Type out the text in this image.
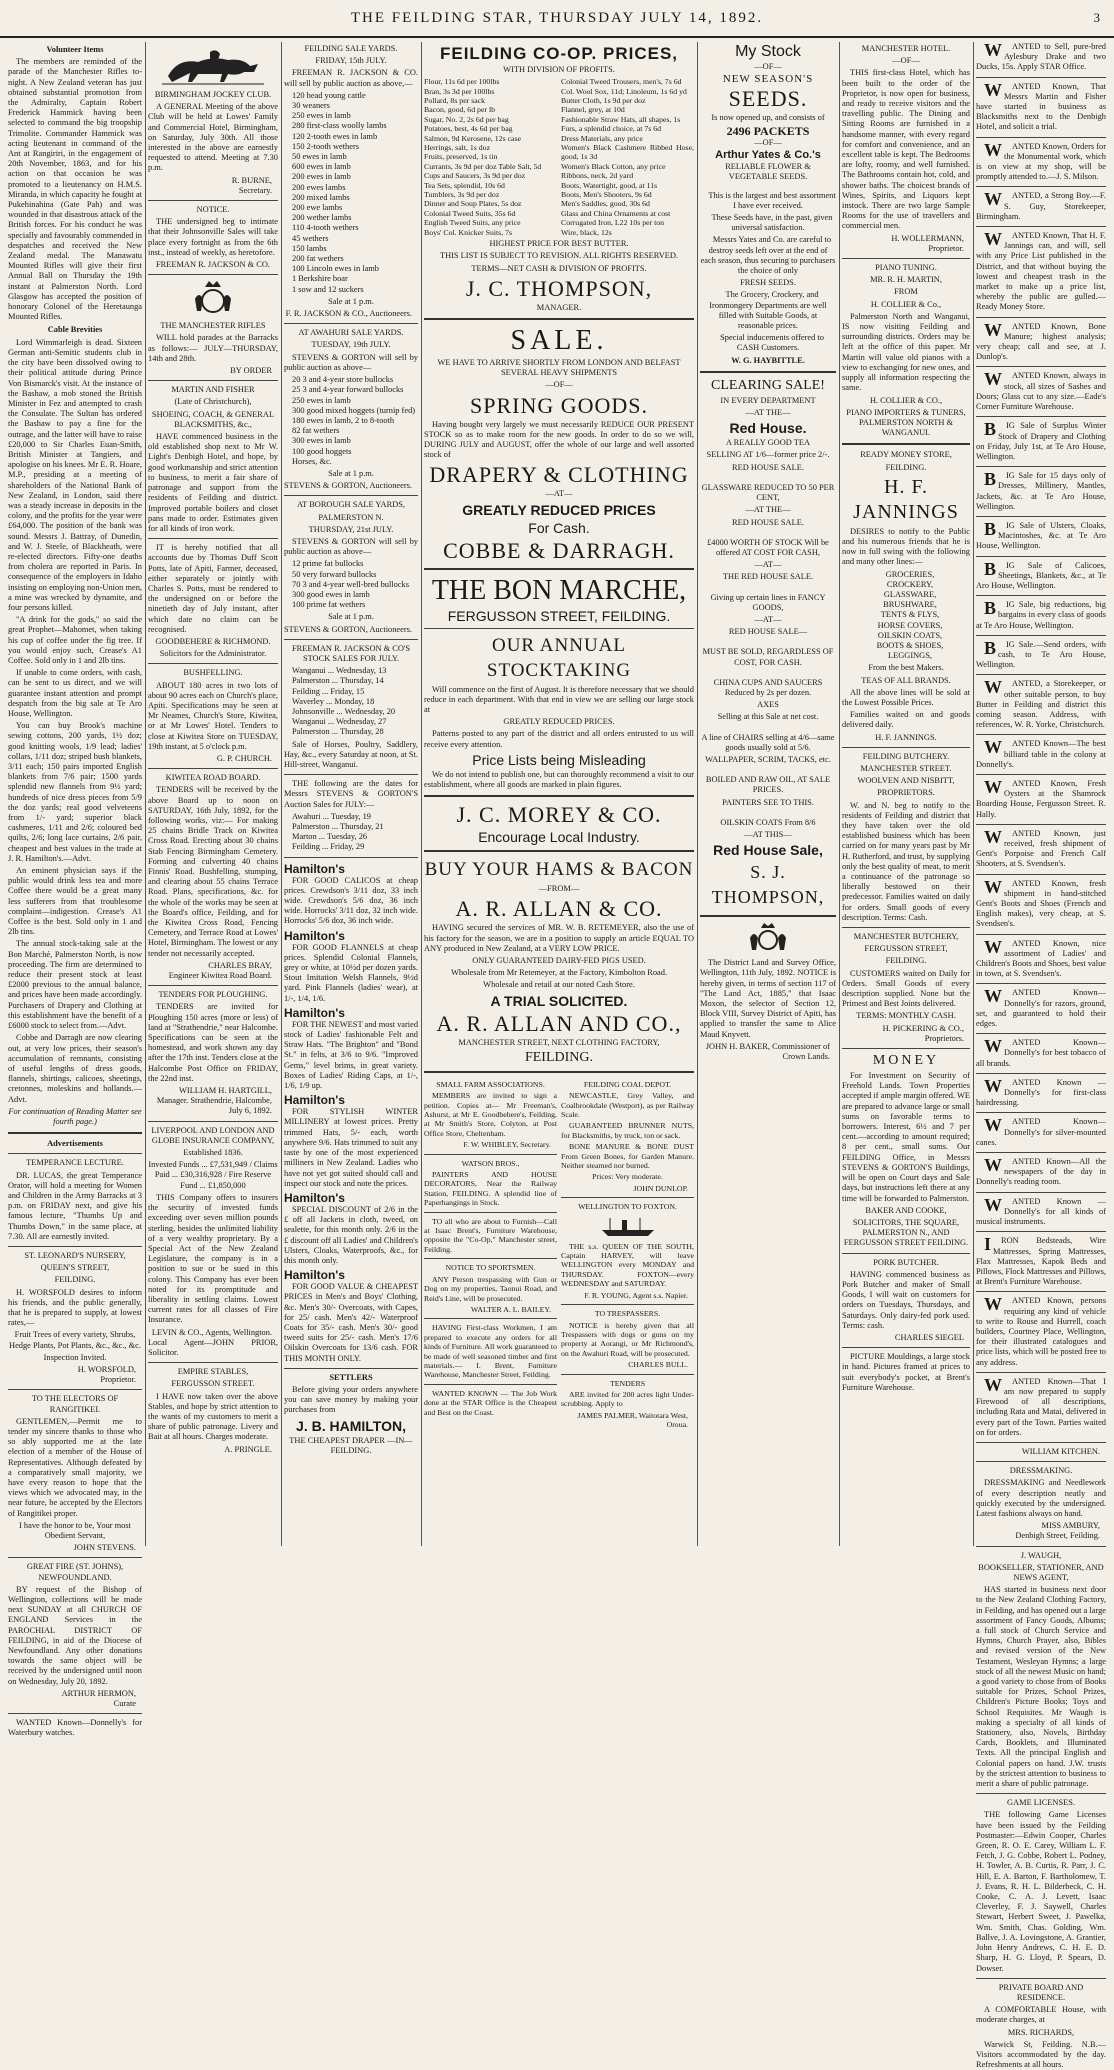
THE FEILDING STAR, THURSDAY JULY 14, 1892.	3
Volunteer Items

The members are reminded of the parade of the Manchester Rifles to-night. A New Zealand veteran has just obtained substantial promotion from the Admiralty, Captain Robert Frederick Hammick having been selected to command the big troopship Trimolite. Commander Hammick was acting lieutenant in command of the Ant at Rangiriri, in the engagement of 20th November, 1863, and for his action on that occasion he was promoted to a lieutenancy on H.M.S. Miranda, in which capacity he fought at Pukehinahina (Gate Pah) and was wounded in that disastrous attack of the British forces. For his conduct he was specially and favourably commended in despatches and received the New Zealand medal. The Manawatu Mounted Rifles will give their first Annual Ball on Thursday the 19th instant at Palmerston North. Lord Glasgow has accepted the position of honorary Colonel of the Heretaunga Mounted Rifles.

Cable Brevities

Lord Wimmarleigh is dead. Sixteen German anti-Semitic students club in the city have been dissolved owing to their political attitude during Prince Von Bismarck's visit. At the instance of the Bashaw, a mob stoned the British Minister in Fez and attempted to crash the Consulate. The Sultan has ordered the Bashaw to pay a fine for the outrage, and the latter will have to raise £20,000 to Sir Charles Euan-Smith, British Minister at Tangiers, and apologise on his knees. Mr E. R. Hoare, M.P., presiding at a meeting of shareholders of the National Bank of New Zealand, in London, said there was a steady increase in deposits in the colony, and the profits for the year were £64,000. The position of the bank was sound. Messrs J. Battray, of Dunedin, and W. J. Steele, of Blackheath, were re-elected directors. Fifty-one deaths from cholera are reported in Paris. In consequence of the employers in Idaho insisting on employing non-Union men, a mine was wrecked by dynamite, and four persons killed.

"A drink for the gods," so said the great Prophet—Mahomet, when taking his cup of coffee under the fig tree. If you would enjoy such, Crease's A1 Coffee. Sold only in 1 and 2lb tins.

If unable to come orders, with cash, can be sent to us direct, and we will guarantee instant attention and prompt despatch from the big sale at Te Aro House, Wellington.

You can buy Brook's machine sewing cottons, 200 yards, 1½ doz; good knitting wools, 1/9 lead; ladies' collars, 1/11 doz; striped bush blankets, 3/11 each; 150 pairs imported English blankets from 7/6 pair; 1500 yards splendid new flannels from 9½ yard; hundreds of nice dress pieces from 5/9 the doz yards; real good velveteens from 1/- yard; superior black cashmeres, 1/11 and 2/6; coloured bed quilts, 2/6; long lace curtains, 2/6 pair, cheapest and best values in the trade at J. R. Hamilton's.—Advt.

An eminent physician says if the public would drink less tea and more Coffee there would be a great many less sufferers from that troublesome complaint—indigestion. Crease's A1 Coffee is the best. Sold only in 1 and 2lb tins.

The annual stock-taking sale at the Bon Marché, Palmerston North, is now proceeding. The firm are determined to reduce their present stock at least £2000 previous to the annual balance, and prices have been made accordingly. Purchasers of Drapery and Clothing at this establishment have the benefit of a £6000 stock to select from.—Advt.

Cobbe and Darragh are now clearing out, at very low prices, their season's accumulation of remnants, consisting of useful lengths of dress goods, flannels, shirtings, calicoes, sheetings, cretonnes, moleskins and hollands.—Advt.

For continuation of Reading Matter see fourth page.)
Advertisements
TEMPERANCE LECTURE.

DR. LUCAS, the great Temperance Orator, will hold a meeting for Women and Children in the Army Barracks at 3 p.m. on FRIDAY next, and give his famous lecture, "Thumbs Up and Thumbs Down," in the same place, at 7.30. All are earnestly invited.

ST. LEONARD'S NURSERY,
QUEEN'S STREET,
FEILDING.

H. WORSFOLD desires to inform his friends, and the public generally, that he is prepared to supply, at lowest rates,—

Fruit Trees of every variety, Shrubs, Hedge Plants, Pot Plants, &c., &c., &c.
Inspection Invited.
H. WORSFOLD,
Proprietor.
TO THE ELECTORS OF RANGITIKEI.

GENTLEMEN,—Permit me to tender my sincere thanks to those who so ably supported me at the late election of a member of the House of Representatives. Although defeated by a comparatively small majority, we have every reason to hope that the views which we advocated may, in the near future, be accepted by the Electors of Rangitikei proper.

I have the honor to be, Your most Obedient Servant,
JOHN STEVENS.
GREAT FIRE (ST. JOHNS), NEWFOUNDLAND.

BY request of the Bishop of Wellington, collections will be made next SUNDAY at all CHURCH OF ENGLAND Services in the PAROCHIAL DISTRICT OF FEILDING, in aid of the Diocese of Newfoundland. Any other donations towards the same object will be received by the undersigned until noon on Wednesday, July 20, 1892.

ARTHUR HERMON,
Curate

WANTED Known—Donnelly's for Waterbury watches.

BIRMINGHAM JOCKEY CLUB.

A GENERAL Meeting of the above Club will be held at Lowes' Family and Commercial Hotel, Birmingham, on Saturday, July 30th. All those interested in the above are earnestly requested to attend. Meeting at 7.30 p.m.

R. BURNE,
Secretary.
NOTICE.

THE undersigned beg to intimate that their Johnsonville Sales will take place every fortnight as from the 6th inst., instead of weekly, as heretofore.

FREEMAN R. JACKSON & CO.
THE MANCHESTER RIFLES

WILL hold parades at the Barracks as follows:— JULY—THURSDAY, 14th and 28th.

BY ORDER
MARTIN AND FISHER
(Late of Christchurch),
SHOEING, COACH, & GENERAL BLACKSMITHS, &c.,

HAVE commenced business in the old established shop next to Mr W. Light's Denbigh Hotel, and hope, by good workmanship and strict attention to business, to merit a fair share of patronage and support from the residents of Feilding and district. Improved portable boilers and closet pans made to order. Estimates given for all kinds of iron work.

IT is hereby notified that all accounts due by Thomas Duff Scott Potts, late of Apiti, Farmer, deceased, either separately or jointly with Charles S. Potts, must be rendered to the undersigned on or before the ninetieth day of July instant, after which date no claim can be recognised.

GOODBEHERE & RICHMOND.
Solicitors for the Administrator.
BUSHFELLING.

ABOUT 180 acres in two lots of about 90 acres each on Church's place, Apiti. Specifications may be seen at Mr Neames, Church's Store, Kiwitea, or at Mr Lowes' Hotel. Tenders to close at Kiwitea Store on TUESDAY, 19th instant, at 5 o'clock p.m.

G. P. CHURCH.
KIWITEA ROAD BOARD.

TENDERS will be received by the above Board up to noon on SATURDAY, 16th July, 1892, for the following works, viz:— For making 25 chains Bridle Track on Kiwitea Cross Road. Erecting about 30 chains Stab Fencing Birmingham Cemetery. Forming and culverting 40 chains Finnis' Road. Bushfelling, stumping, and clearing about 55 chains Terrace Road. Plans, specifications, &c. for the whole of the works may be seen at the Board's office, Feilding, and for the Kiwitea Cross Road, Fencing Cemetery, and Terrace Road at Lowes' Hotel, Birmingham. The lowest or any tender not necessarily accepted.

CHARLES BRAY,
Engineer Kiwitea Road Board.
TENDERS FOR PLOUGHING.

TENDERS are invited for Ploughing 150 acres (more or less) of land at "Strathendrie," near Halcombe. Specifications can be seen at the homestead, and work shown any day after the 17th inst. Tenders close at the Halcombe Post Office on FRIDAY, the 22nd inst.

WILLIAM H. HARTGILL,
Manager. Strathendrie, Halcombe, July 6, 1892.
LIVERPOOL AND LONDON AND GLOBE INSURANCE COMPANY,
Established 1836.
Invested Funds ... £7,531,949 / Claims Paid ... £30,316,928 / Fire Reserve Fund ... £1,850,000

THIS Company offers to insurers the security of invested funds exceeding over seven million pounds sterling, besides the unlimited liability of a very wealthy proprietary. By a Special Act of the New Zealand Legislature, the company is in a position to sue or be sued in this colony. This Company has ever been noted for its promptitude and liberality in settling claims. Lowest current rates for all classes of Fire Insurance.

LEVIN & CO., Agents, Wellington.
Local Agent—JOHN PRIOR, Solicitor.
EMPIRE STABLES,
FERGUSSON STREET.

I HAVE now taken over the above Stables, and hope by strict attention to the wants of my customers to merit a share of public patronage. Livery and Bait at all hours. Charges moderate.

A. PRINGLE.
FEILDING SALE YARDS.
FRIDAY, 15th JULY.

FREEMAN R. JACKSON & CO. will sell by public auction as above,—

120 head young cattle
30 weaners
250 ewes in lamb
280 first-class woolly lambs
120 2-tooth ewes in lamb
150 2-tooth wethers
50 ewes in lamb
600 ewes in lamb
200 ewes in lamb
200 ewes lambs
200 mixed lambs
200 ewe lambs
200 wether lambs
110 4-tooth wethers
45 wethers
150 lambs
200 fat wethers
100 Lincoln ewes in lamb
1 Berkshire boar
1 sow and 12 suckers
Sale at 1 p.m.
F. R. JACKSON & CO., Auctioneers.
AT AWAHURI SALE YARDS.
TUESDAY, 19th JULY.

STEVENS & GORTON will sell by public auction as above—

20 3 and 4-year store bullocks
25 3 and 4-year forward bullocks
250 ewes in lamb
300 good mixed hoggets (turnip fed)
180 ewes in lamb, 2 to 8-tooth
82 fat wethers
300 ewes in lamb
100 good hoggets
Horses, &c.
Sale at 1 p.m.
STEVENS & GORTON, Auctioneers.
AT BOROUGH SALE YARDS,
PALMERSTON N.
THURSDAY, 21st JULY.

STEVENS & GORTON will sell by public auction as above—

12 prime fat bullocks
50 very forward bullocks
70 3 and 4-year well-bred bullocks
300 good ewes in lamb
100 prime fat wethers
Sale at 1 p.m.
STEVENS & GORTON, Auctioneers.
FREEMAN R. JACKSON & CO'S STOCK SALES FOR JULY.
Wanganui ... Wednesday, 13
Palmerston ... Thursday, 14
Feilding ... Friday, 15
Waverley ... Monday, 18
Johnsonville ... Wednesday, 20
Wanganui ... Wednesday, 27
Palmerston ... Thursday, 28

Sale of Horses, Poultry, Saddlery, Hay, &c., every Saturday at noon, at St. Hill-street, Wanganui.

THE following are the dates for Messrs STEVENS & GORTON'S Auction Sales for JULY:—

Awahuri ... Tuesday, 19
Palmerston ... Thursday, 21
Marton ... Tuesday, 26
Feilding ... Friday, 29
Hamilton's

FOR GOOD CALICOS at cheap prices. Crewdson's 3/11 doz, 33 inch wide. Crewdson's 5/6 doz, 36 inch wide. Horrocks' 3/11 doz, 32 inch wide. Horrocks' 5/6 doz, 36 inch wide.

Hamilton's

FOR GOOD FLANNELS at cheap prices. Splendid Colonial Flannels, grey or white, at 10½d per dozen yards. Stout Imitation Welsh Flannels, 9½d yard. Pink Flannels (ladies' wear), at 1/-, 1/4, 1/6.

Hamilton's

FOR THE NEWEST and most varied stock of Ladies' fashionable Felt and Straw Hats. "The Brighton" and "Bond St." in felts, at 3/6 to 9/6. "Improved Gems," level brims, in great variety. Boxes of Ladies' Riding Caps, at 1/-, 1/6, 1/9 up.

Hamilton's

FOR STYLISH WINTER MILLINERY at lowest prices. Pretty trimmed Hats, 5/- each, worth anywhere 9/6. Hats trimmed to suit any taste by one of the most experienced milliners in New Zealand. Ladies who have not yet got suited should call and inspect our stock and note the prices.

Hamilton's

SPECIAL DISCOUNT of 2/6 in the £ off all Jackets in cloth, tweed, on sealette, for this month only. 2/6 in the £ discount off all Ladies' and Children's Ulsters, Cloaks, Waterproofs, &c., for this month only.

Hamilton's

FOR GOOD VALUE & CHEAPEST PRICES in Men's and Boys' Clothing, &c. Men's 30/- Overcoats, with Capes, for 25/ cash. Men's 42/- Waterproof Coats for 35/- cash. Men's 30/- good tweed suits for 25/- cash. Men's 17/6 Oilskin Overcoats for 13/6 cash. FOR THIS MONTH ONLY.

SETTLERS

Before giving your orders anywhere you can save money by making your purchases from

J. B. HAMILTON,
THE CHEAPEST DRAPER —IN— FEILDING.
FEILDING CO-OP. PRICES,
WITH DIVISION OF PROFITS.
Flour, 11s 6d per 100lbs
Bran, 3s 3d per 100lbs
Pollard, 8s per sack
Bacon, good, 6d per lb
Sugar, No. 2, 2s 6d per bag
Potatoes, best, 4s 6d per bag
Salmon, 9d Kerosene, 12s case
Herrings, salt, 1s doz
Fruits, preserved, 1s tin
Currants, 3s 9d per doz Table Salt, 5d
Cups and Saucers, 3s 9d per doz
Tea Sets, splendid, 10s 6d
Tumblers, 3s 9d per doz
Dinner and Soup Plates, 5s doz
Colonial Tweed Suits, 35s 6d
English Tweed Suits, any price
Boys' Col. Knicker Suits, 7s
Colonial Tweed Trousers, men's, 7s 6d
Col. Wool Sox, 11d; Linoleum, 1s 6d yd
Butter Cloth, 1s 9d per doz
Flannel, grey, at 10d
Fashionable Straw Hats, all shapes, 1s
Furs, a splendid choice, at 7s 6d
Dress Materials, any price
Women's Black Cashmere Ribbed Hose, good, 1s 3d
Women's Black Cotton, any price
Ribbons, neck, 2d yard
Boots, Watertight, good, at 11s
Boots, Men's Shooters, 9s 6d
Men's Saddles, good, 30s 6d
Glass and China Ornaments at cost
Corrugated Iron, L22 10s per ton
Wire, black, 12s
HIGHEST PRICE FOR BEST BUTTER.
THIS LIST IS SUBJECT TO REVISION. ALL RIGHTS RESERVED.
TERMS—NET CASH & DIVISION OF PROFITS.
J. C. THOMPSON,
MANAGER.
SALE.
WE HAVE TO ARRIVE SHORTLY FROM LONDON AND BELFAST SEVERAL HEAVY SHIPMENTS
—OF—
SPRING GOODS.

Having bought very largely we must necessarily REDUCE OUR PRESENT STOCK so as to make room for the new goods. In order to do so we will, DURING JULY and AUGUST, offer the whole of our large and well assorted stock of

DRAPERY & CLOTHING
—AT—
GREATLY REDUCED PRICES
For Cash.
COBBE & DARRAGH.
THE BON MARCHE,
FERGUSSON STREET, FEILDING.
OUR ANNUAL STOCKTAKING

Will commence on the first of August. It is therefore necessary that we should reduce in each department. With that end in view we are selling our large stock at

GREATLY REDUCED PRICES.

Patterns posted to any part of the district and all orders entrusted to us will receive every attention.

Price Lists being Misleading

We do not intend to publish one, but can thoroughly recommend a visit to our establishment, where all goods are marked in plain figures.

J. C. MOREY & CO.
Encourage Local Industry.
BUY YOUR HAMS & BACON
—FROM—
A. R. ALLAN & CO.

HAVING secured the services of MR. W. B. RETEMEYER, also the use of his factory for the season, we are in a position to supply an article EQUAL TO ANY produced in New Zealand, at a VERY LOW PRICE.

ONLY GUARANTEED DAIRY-FED PIGS USED.
Wholesale from Mr Retemeyer, at the Factory, Kimbolton Road.
Wholesale and retail at our noted Cash Store.
A TRIAL SOLICITED.
A. R. ALLAN AND CO.,
MANCHESTER STREET, NEXT CLOTHING FACTORY,
FEILDING.
SMALL FARM ASSOCIATIONS.

MEMBERS are invited to sign a petition. Copies at— Mr Freeman's, Ashurst, at Mr E. Goodbehere's, Feilding, at Mr Smith's Store, Colyton, at Post Office Store, Cheltenham.

F. W. WHIBLEY, Secretary.
WATSON BROS.,

PAINTERS AND HOUSE DECORATORS, Near the Railway Station, FEILDING. A splendid line of Paperhangings in Stock.

TO all who are about to Furnish—Call at Isaac Brent's, Furniture Warehouse, opposite the "Co-Op," Manchester street, Feilding.

NOTICE TO SPORTSMEN.

ANY Person trespassing with Gun or Dog on my properties, Taonui Road, and Reid's Line, will be prosecuted.

WALTER A. L. BAILEY.

HAVING First-class Workmen, I am prepared to execute any orders for all kinds of Furniture. All work guaranteed to be made of well seasoned timber and first materials.— I. Brent, Furniture Warehouse, Manchester Street, Feilding.

WANTED KNOWN — The Job Work done at the STAR Office is the Cheapest and Best on the Coast.

FEILDING COAL DEPOT.

NEWCASTLE, Grey Valley, and Coalbrookdale (Westport), as per Railway Scale.

GUARANTEED BRUNNER NUTS, for Blacksmiths, by truck, ton or sack.

BONE MANURE & BONE DUST From Green Bones, for Garden Manure. Neither steamed nor burned.

Prices: Very moderate.
JOHN DUNLOP.
WELLINGTON TO FOXTON.

THE s.s. QUEEN OF THE SOUTH, Captain HARVEY, will leave WELLINGTON every MONDAY and THURSDAY. FOXTON—every WEDNESDAY and SATURDAY.

F. R. YOUNG, Agent s.s. Napier.
TO TRESPASSERS.

NOTICE is hereby given that all Trespassers with dogs or guns on my property at Aorangi, or Mr Richmond's, on the Awahuri Road, will be prosecuted.

CHARLES BULL.
TENDERS

ARE invited for 200 acres light Under-scrubbing. Apply to

JAMES PALMER, Waitotara West, Oroua.
My Stock
—OF—
NEW SEASON'S
SEEDS.
Is now opened up, and consists of
2496 PACKETS
—OF—
Arthur Yates & Co.'s
RELIABLE FLOWER & VEGETABLE SEEDS.

This is the largest and best assortment I have ever received.

These Seeds have, in the past, given universal satisfaction.

Messrs Yates and Co. are careful to destroy seeds left over at the end of each season, thus securing to purchasers the choice of only

FRESH SEEDS.

The Grocery, Crockery, and Ironmongery Departments are well filled with Suitable Goods, at reasonable prices.

Special inducements offered to CASH Customers.

W. G. HAYBITTLE.
CLEARING SALE!
IN EVERY DEPARTMENT
—AT THE—
Red House.
A REALLY GOOD TEA
SELLING AT 1/6—former price 2/-.
RED HOUSE SALE.
GLASSWARE REDUCED TO 50 PER CENT,
—AT THE—
RED HOUSE SALE.
£4000 WORTH OF STOCK Will be offered AT COST FOR CASH,
—AT—
THE RED HOUSE SALE.
Giving up certain lines in FANCY GOODS,
—AT—
RED HOUSE SALE—
MUST BE SOLD, REGARDLESS OF COST, FOR CASH.
CHINA CUPS AND SAUCERS Reduced by 2s per dozen.
AXES
Selling at this Sale at net cost.
A line of CHAIRS selling at 4/6—same goods usually sold at 5/6.
WALLPAPER, SCRIM, TACKS, etc.
BOILED AND RAW OIL, AT SALE PRICES.
PAINTERS SEE TO THIS.
OILSKIN COATS From 8/6
—AT THIS—
Red House Sale,
S. J. THOMPSON,

The District Land and Survey Office, Wellington, 11th July, 1892. NOTICE is hereby given, in terms of section 117 of "The Land Act, 1885," that Isaac Moxon, the selector of Section 12, Block VIII, Survey District of Apiti, has applied to transfer the same to Alice Maud Knyvett.

JOHN H. BAKER, Commissioner of Crown Lands.
MANCHESTER HOTEL.
—OF—

THIS first-class Hotel, which has been built to the order of the Proprietor, is now open for business, and ready to receive visitors and the travelling public. The Dining and Sitting Rooms are furnished in a handsome manner, with every regard for comfort and convenience, and an excellent table is kept. The Bedrooms are lofty, roomy, and well furnished. The Bathrooms contain hot, cold, and shower baths. The choicest brands of Wines, Spirits, and Liquors kept instock. There are two large Sample Rooms for the use of travellers and commercial men.

H. WOLLERMANN,
Proprietor.
PIANO TUNING.
MR. R. H. MARTIN,
FROM
H. COLLIER & Co.,

Palmerston North and Wanganui, IS now visiting Feilding and surrounding districts. Orders may be left at the office of this paper. Mr Martin will value old pianos with a view to exchanging for new ones, and supply all information respecting the same.

H. COLLIER & CO.,
PIANO IMPORTERS & TUNERS, PALMERSTON NORTH & WANGANUI.
READY MONEY STORE,
FEILDING.
H. F. JANNINGS

DESIRES to notify to the Public and his numerous friends that he is now in full swing with the following and many other lines:—

GROCERIES,
CROCKERY,
GLASSWARE,
BRUSHWARE,
TENTS & FLYS,
HORSE COVERS,
OILSKIN COATS,
BOOTS & SHOES,
LEGGINGS,
From the best Makers.
TEAS OF ALL BRANDS.

All the above lines will be sold at the Lowest Possible Prices.

Families waited on and goods delivered daily.

H. F. JANNINGS.
FEILDING BUTCHERY.
MANCHESTER STREET.
WOOLVEN AND NISBITT,
PROPRIETORS.

W. and N. beg to notify to the residents of Feilding and district that they have taken over the old established business which has been carried on for many years past by Mr H. Rutherford, and trust, by supplying only the best quality of meat, to merit a continuance of the patronage so liberally bestowed on their predecessor. Families waited on daily for orders. Small goods of every description. Terms: Cash.

MANCHESTER BUTCHERY,
FERGUSSON STREET,
FEILDING.

CUSTOMERS waited on Daily for Orders. Small Goods of every description supplied. None but the Primest and Best Joints delivered.

TERMS: MONTHLY CASH.
H. PICKERING & CO., Proprietors.
MONEY

For Investment on Security of Freehold Lands. Town Properties accepted if ample margin offered. WE are prepared to advance large or small sums on favorable terms to borrowers. Interest, 6½ and 7 per cent.—according to amount required; 8 per cent., small sums. Our FEILDING Office, in Messrs STEVENS & GORTON'S Buildings, will be open on Court days and Sale days, but instructions left there at any time will be forwarded to Palmerston.

BAKER AND COOKE,
SOLICITORS, THE SQUARE, PALMERSTON N., AND FERGUSSON STREET FEILDING.
PORK BUTCHER.

HAVING commenced business as Pork Butcher and maker of Small Goods, I will wait on customers for orders on Tuesdays, Thursdays, and Saturdays. Only dairy-fed pork used. Terms: cash.

CHARLES SIEGEL

PICTURE Mouldings, a large stock in hand. Pictures framed at prices to suit everybody's pocket, at Brent's Furniture Warehouse.

WANTED to Sell, pure-bred Aylesbury Drake and two Ducks, 15s. Apply STAR Office.

WANTED Known, That Messrs Martin and Fisher have started in business as Blacksmiths next to the Denbigh Hotel, and solicit a trial.

WANTED Known, Orders for the Monumental work, which is on view at my shop, will be promptly attended to.—J. S. Milson.

WANTED, a Strong Boy.—F. S. Guy, Storekeeper, Birmingham.

WANTED Known, That H. F. Jannings can, and will, sell with any Price List published in the District, and that without buying the lowest and cheapest trash in the market to make up a price list, whereby the public are gulled.—Ready Money Store.

WANTED Known, Bone Manure; highest analysis; very cheap; call and see, at J. Dunlop's.

WANTED Known, always in stock, all sizes of Sashes and Doors; Glass cut to any size.—Eade's Corner Furniture Warehouse.

BIG Sale of Surplus Winter Stock of Drapery and Clothing on Friday, July 1st, at Te Aro House, Wellington.

BIG Sale for 15 days only of Dresses, Millinery, Mantles, Jackets, &c. at Te Aro House, Wellington.

BIG Sale of Ulsters, Cloaks, Macintoshes, &c. at Te Aro House, Wellington.

BIG Sale of Calicoes, Sheetings, Blankets, &c., at Te Aro House, Wellington.

BIG Sale, big reductions, big bargains in every class of goods at Te Aro House, Wellington.

BIG Sale.—Send orders, with cash, to Te Aro House, Wellington.

WANTED, a Storekeeper, or other suitable person, to buy Butter in Feilding and district this coming season. Address, with references, W. R. Yorke, Christchurch.

WANTED Known—The best billiard table in the colony at Donnelly's.

WANTED Known, Fresh Oysters at the Shamrock Boarding House, Fergusson Street. R. Hally.

WANTED Known, just received, fresh shipment of Gent's Porpoise and French Calf Shooters, at S. Svendsen's.

WANTED Known, fresh shipment in hand-stitched Gent's Boots and Shoes (French and English makes), very cheap, at S. Svendsen's.

WANTED Known, nice assortment of Ladies' and Children's Boots and Shoes, best value in town, at S. Svendsen's.

WANTED Known—Donnelly's for razors, ground, set, and guaranteed to hold their edges.

WANTED Known—Donnelly's for best tobacco of all brands.

WANTED Known — Donnelly's for first-class hairdressing.

WANTED Known—Donnelly's for silver-mounted canes.

WANTED Known—All the newspapers of the day in Donnelly's reading room.

WANTED Known — Donnelly's for all kinds of musical instruments.

IRON Bedsteads, Wire Mattresses, Spring Mattresses, Flax Mattresses, Kapok Beds and Pillows, Flock Mattresses and Pillows, at Brent's Furniture Warehouse.

WANTED Known, persons requiring any kind of vehicle to write to Rouse and Hurrell, coach builders, Courtney Place, Wellington, for their illustrated catalogues and price lists, which will be posted free to any address.

WANTED Known—That I am now prepared to supply Firewood of all descriptions, including Rata and Matai, delivered in every part of the Town. Parties waited on for orders.

WILLIAM KITCHEN.
DRESSMAKING.

DRESSMAKING and Needlework of every description neatly and quickly executed by the undersigned. Latest fashions always on hand.

MISS AMBURY,
Denbigh Street, Feilding.
J. WAUGH,
BOOKSELLER, STATIONER, AND NEWS AGENT,

HAS started in business next door to the New Zealand Clothing Factory, in Feilding, and has opened out a large assortment of Fancy Goods, Albums; a full stock of Church Service and Hymns, Church Prayer, also, Bibles and revised version of the New Testament, Wesleyan Hymns; a large stock of all the newest Music on hand; a good variety to chose from of Books suitable for Prizes, School Prizes, Children's Picture Books; Toys and School Requisites. Mr Waugh is making a specialty of all kinds of Stationery, also, Novels, Birthday Cards, Booklets, and Illuminated Texts. All the principal English and Colonial papers on hand. J.W. trusts by the strictest attention to business to merit a share of public patronage.

GAME LICENSES.

THE following Game Licenses have been issued by the Feilding Postmaster:—Edwin Cooper, Charles Green, R. O. E. Carey, William L. F. Fetch, J. G. Cobbe, Robert L. Podney, H. Towler, A. B. Curtis, R. Parr, J. C. Hill, E. A. Barton, F. Bartholomew, T. J. Evans, R. H. L. Bilderbeck, C. H. Cooke, C. A. J. Levett, Isaac Cleverley, F. J. Saywell, Charles Stewart, Herbert Sweet, J. Pawelka, Wm. Smith, Chas. Golding, Wm. Ballve, J. A. Lovingstone, A. Grantier, John Henry Andrews, C. H. E. D. Sharp, H. G. Lloyd, P. Spears, D. Dowser.

PRIVATE BOARD AND RESIDENCE.

A COMFORTABLE House, with moderate charges, at

MRS. RICHARDS,

Warwick St, Feilding. N.B.—Visitors accommodated by the day. Refreshments at all hours.
